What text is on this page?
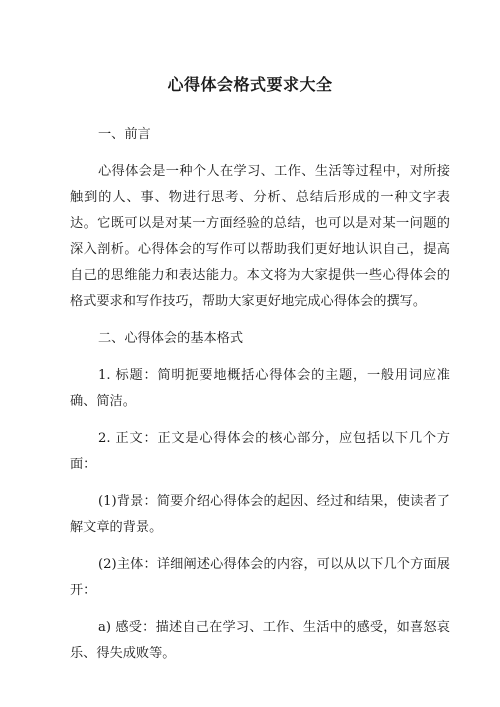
心得体会格式要求大全

一、前言

心得体会是一种个人在学习、工作、生活等过程中，对所接触到的人、事、物进行思考、分析、总结后形成的一种文字表达。它既可以是对某一方面经验的总结，也可以是对某一问题的深入剖析。心得体会的写作可以帮助我们更好地认识自己，提高自己的思维能力和表达能力。本文将为大家提供一些心得体会的格式要求和写作技巧，帮助大家更好地完成心得体会的撰写。

二、心得体会的基本格式

1. 标题：简明扼要地概括心得体会的主题，一般用词应准确、简洁。

2. 正文：正文是心得体会的核心部分，应包括以下几个方面：

(1)背景：简要介绍心得体会的起因、经过和结果，使读者了解文章的背景。

(2)主体：详细阐述心得体会的内容，可以从以下几个方面展开：

a) 感受：描述自己在学习、工作、生活中的感受，如喜怒哀乐、得失成败等。
